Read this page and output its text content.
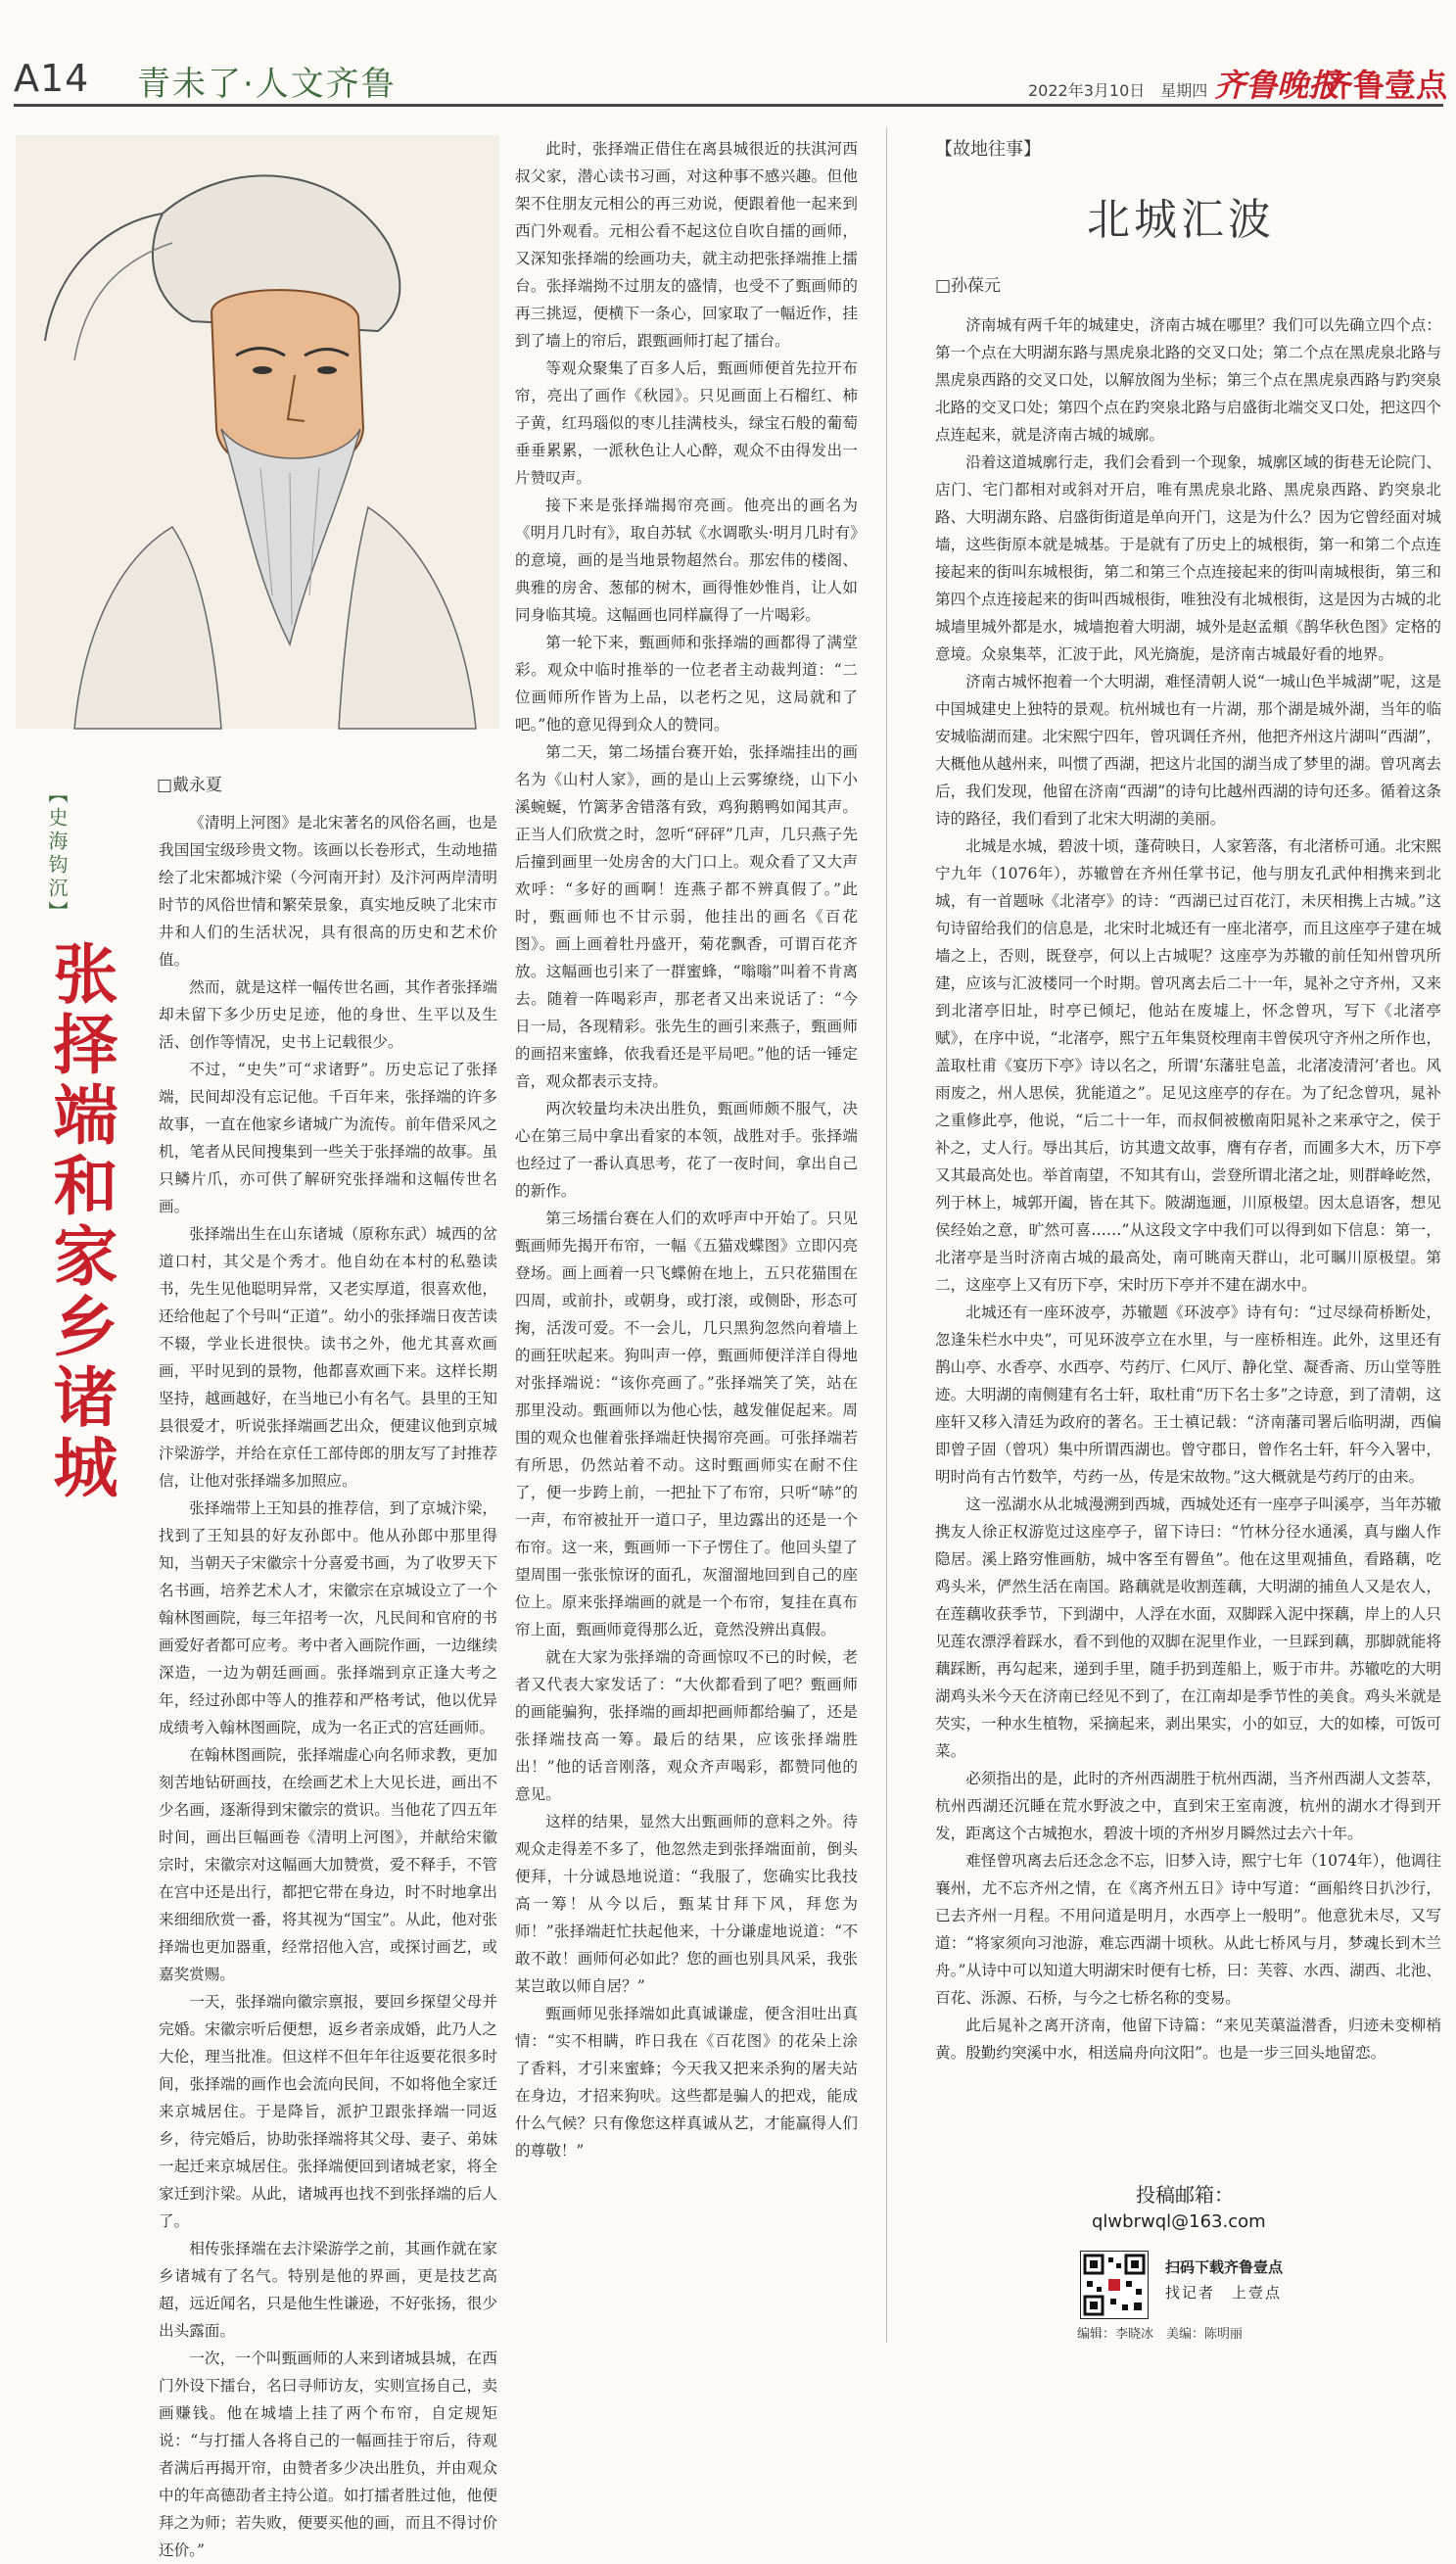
A14 青未了·人文齐鲁	2022年3月10日　星期四 齐鲁晚报
齐鲁壹点
□戴永夏
【史海钩沉】
张择端和家乡诸城

《清明上河图》是北宋著名的风俗名画，也是我国国宝级珍贵文物。该画以长卷形式，生动地描绘了北宋都城汴梁（今河南开封）及汴河两岸清明时节的风俗世情和繁荣景象，真实地反映了北宋市井和人们的生活状况，具有很高的历史和艺术价值。

然而，就是这样一幅传世名画，其作者张择端却未留下多少历史足迹，他的身世、生平以及生活、创作等情况，史书上记载很少。

不过，“史失”可“求诸野”。历史忘记了张择端，民间却没有忘记他。千百年来，张择端的许多故事，一直在他家乡诸城广为流传。前年借采风之机，笔者从民间搜集到一些关于张择端的故事。虽只鳞片爪，亦可供了解研究张择端和这幅传世名画。

张择端出生在山东诸城（原称东武）城西的岔道口村，其父是个秀才。他自幼在本村的私塾读书，先生见他聪明异常，又老实厚道，很喜欢他，还给他起了个号叫“正道”。幼小的张择端日夜苦读不辍，学业长进很快。读书之外，他尤其喜欢画画，平时见到的景物，他都喜欢画下来。这样长期坚持，越画越好，在当地已小有名气。县里的王知县很爱才，听说张择端画艺出众，便建议他到京城汴梁游学，并给在京任工部侍郎的朋友写了封推荐信，让他对张择端多加照应。

张择端带上王知县的推荐信，到了京城汴梁，找到了王知县的好友孙郎中。他从孙郎中那里得知，当朝天子宋徽宗十分喜爱书画，为了收罗天下名书画，培养艺术人才，宋徽宗在京城设立了一个翰林图画院，每三年招考一次，凡民间和官府的书画爱好者都可应考。考中者入画院作画，一边继续深造，一边为朝廷画画。张择端到京正逢大考之年，经过孙郎中等人的推荐和严格考试，他以优异成绩考入翰林图画院，成为一名正式的宫廷画师。

在翰林图画院，张择端虚心向名师求教，更加刻苦地钻研画技，在绘画艺术上大见长进，画出不少名画，逐渐得到宋徽宗的赏识。当他花了四五年时间，画出巨幅画卷《清明上河图》，并献给宋徽宗时，宋徽宗对这幅画大加赞赏，爱不释手，不管在宫中还是出行，都把它带在身边，时不时地拿出来细细欣赏一番，将其视为“国宝”。从此，他对张择端也更加器重，经常招他入宫，或探讨画艺，或嘉奖赏赐。

一天，张择端向徽宗禀报，要回乡探望父母并完婚。宋徽宗听后便想，返乡者亲成婚，此乃人之大伦，理当批准。但这样不但年年往返要花很多时间，张择端的画作也会流向民间，不如将他全家迁来京城居住。于是降旨，派护卫跟张择端一同返乡，待完婚后，协助张择端将其父母、妻子、弟妹一起迁来京城居住。张择端便回到诸城老家，将全家迁到汴梁。从此，诸城再也找不到张择端的后人了。

相传张择端在去汴梁游学之前，其画作就在家乡诸城有了名气。特别是他的界画，更是技艺高超，远近闻名，只是他生性谦逊，不好张扬，很少出头露面。

一次，一个叫甄画师的人来到诸城县城，在西门外设下擂台，名曰寻师访友，实则宣扬自己，卖画赚钱。他在城墙上挂了两个布帘，自定规矩说：“与打擂人各将自己的一幅画挂于帘后，待观者满后再揭开帘，由赞者多少决出胜负，并由观众中的年高德劭者主持公道。如打擂者胜过他，他便拜之为师；若失败，便要买他的画，而且不得讨价还价。”

此时，张择端正借住在离县城很近的扶淇河西叔父家，潜心读书习画，对这种事不感兴趣。但他架不住朋友元相公的再三劝说，便跟着他一起来到西门外观看。元相公看不起这位自吹自擂的画师，又深知张择端的绘画功夫，就主动把张择端推上擂台。张择端拗不过朋友的盛情，也受不了甄画师的再三挑逗，便横下一条心，回家取了一幅近作，挂到了墙上的帘后，跟甄画师打起了擂台。

等观众聚集了百多人后，甄画师便首先拉开布帘，亮出了画作《秋园》。只见画面上石榴红、柿子黄，红玛瑙似的枣儿挂满枝头，绿宝石般的葡萄垂垂累累，一派秋色让人心醉，观众不由得发出一片赞叹声。

接下来是张择端揭帘亮画。他亮出的画名为《明月几时有》，取自苏轼《水调歌头·明月几时有》的意境，画的是当地景物超然台。那宏伟的楼阁、典雅的房舍、葱郁的树木，画得惟妙惟肖，让人如同身临其境。这幅画也同样赢得了一片喝彩。

第一轮下来，甄画师和张择端的画都得了满堂彩。观众中临时推举的一位老者主动裁判道：“二位画师所作皆为上品，以老朽之见，这局就和了吧。”他的意见得到众人的赞同。

第二天，第二场擂台赛开始，张择端挂出的画名为《山村人家》，画的是山上云雾缭绕，山下小溪蜿蜒，竹篱茅舍错落有致，鸡狗鹅鸭如闻其声。正当人们欣赏之时，忽听“砰砰”几声，几只燕子先后撞到画里一处房舍的大门口上。观众看了又大声欢呼：“多好的画啊！连燕子都不辨真假了。”此时，甄画师也不甘示弱，他挂出的画名《百花图》。画上画着牡丹盛开，菊花飘香，可谓百花齐放。这幅画也引来了一群蜜蜂，“嗡嗡”叫着不肯离去。随着一阵喝彩声，那老者又出来说话了：“今日一局，各现精彩。张先生的画引来燕子，甄画师的画招来蜜蜂，依我看还是平局吧。”他的话一锤定音，观众都表示支持。

两次较量均未决出胜负，甄画师颇不服气，决心在第三局中拿出看家的本领，战胜对手。张择端也经过了一番认真思考，花了一夜时间，拿出自己的新作。

第三场擂台赛在人们的欢呼声中开始了。只见甄画师先揭开布帘，一幅《五猫戏蝶图》立即闪亮登场。画上画着一只飞蝶俯在地上，五只花猫围在四周，或前扑，或朝身，或打滚，或侧卧，形态可掬，活泼可爱。不一会儿，几只黑狗忽然向着墙上的画狂吠起来。狗叫声一停，甄画师便洋洋自得地对张择端说：“该你亮画了。”张择端笑了笑，站在那里没动。甄画师以为他心怯，越发催促起来。周围的观众也催着张择端赶快揭帘亮画。可张择端若有所思，仍然站着不动。这时甄画师实在耐不住了，便一步跨上前，一把扯下了布帘，只听“哧”的一声，布帘被扯开一道口子，里边露出的还是一个布帘。这一来，甄画师一下子愣住了。他回头望了望周围一张张惊讶的面孔，灰溜溜地回到自己的座位上。原来张择端画的就是一个布帘，复挂在真布帘上面，甄画师竟得那么近，竟然没辨出真假。

就在大家为张择端的奇画惊叹不已的时候，老者又代表大家发话了：“大伙都看到了吧？甄画师的画能骗狗，张择端的画却把画师都给骗了，还是张择端技高一筹。最后的结果，应该张择端胜出！”他的话音刚落，观众齐声喝彩，都赞同他的意见。

这样的结果，显然大出甄画师的意料之外。待观众走得差不多了，他忽然走到张择端面前，倒头便拜，十分诚恳地说道：“我服了，您确实比我技高一筹！从今以后，甄某甘拜下风，拜您为师！”张择端赶忙扶起他来，十分谦虚地说道：“不敢不敢！画师何必如此？您的画也别具风采，我张某岂敢以师自居？”

甄画师见张择端如此真诚谦虚，便含泪吐出真情：“实不相瞒，昨日我在《百花图》的花朵上涂了香料，才引来蜜蜂；今天我又把来杀狗的屠夫站在身边，才招来狗吠。这些都是骗人的把戏，能成什么气候？只有像您这样真诚从艺，才能赢得人们的尊敬！”

【故地往事】
北城汇波
□孙葆元

济南城有两千年的城建史，济南古城在哪里？我们可以先确立四个点：第一个点在大明湖东路与黑虎泉北路的交叉口处；第二个点在黑虎泉北路与黑虎泉西路的交叉口处，以解放阁为坐标；第三个点在黑虎泉西路与趵突泉北路的交叉口处；第四个点在趵突泉北路与启盛街北端交叉口处，把这四个点连起来，就是济南古城的城廓。

沿着这道城廓行走，我们会看到一个现象，城廓区域的街巷无论院门、店门、宅门都相对或斜对开启，唯有黑虎泉北路、黑虎泉西路、趵突泉北路、大明湖东路、启盛街街道是单向开门，这是为什么？因为它曾经面对城墙，这些街原本就是城基。于是就有了历史上的城根街，第一和第二个点连接起来的街叫东城根街，第二和第三个点连接起来的街叫南城根街，第三和第四个点连接起来的街叫西城根街，唯独没有北城根街，这是因为古城的北城墙里城外都是水，城墙抱着大明湖，城外是赵孟頫《鹊华秋色图》定格的意境。众泉集萃，汇波于此，风光旖旎，是济南古城最好看的地界。

济南古城怀抱着一个大明湖，难怪清朝人说“一城山色半城湖”呢，这是中国城建史上独特的景观。杭州城也有一片湖，那个湖是城外湖，当年的临安城临湖而建。北宋熙宁四年，曾巩调任齐州，他把齐州这片湖叫“西湖”，大概他从越州来，叫惯了西湖，把这片北国的湖当成了梦里的湖。曾巩离去后，我们发现，他留在济南“西湖”的诗句比越州西湖的诗句还多。循着这条诗的路径，我们看到了北宋大明湖的美丽。

北城是水城，碧波十顷，蓬荷映日，人家箬落，有北渚桥可通。北宋熙宁九年（1076年），苏辙曾在齐州任掌书记，他与朋友孔武仲相携来到北城，有一首题咏《北渚亭》的诗：“西湖已过百花汀，未厌相携上古城。”这句诗留给我们的信息是，北宋时北城还有一座北渚亭，而且这座亭子建在城墙之上，否则，既登亭，何以上古城呢？这座亭为苏辙的前任知州曾巩所建，应该与汇波楼同一个时期。曾巩离去后二十一年，晁补之守齐州，又来到北渚亭旧址，时亭已倾圮，他站在废墟上，怀念曾巩，写下《北渚亭赋》，在序中说，“北渚亭，熙宁五年集贤校理南丰曾侯巩守齐州之所作也，盖取杜甫《宴历下亭》诗以名之，所谓‘东藩驻皂盖，北渚凌清河’者也。风雨废之，州人思侯，犹能道之”。足见这座亭的存在。为了纪念曾巩，晁补之重修此亭，他说，“后二十一年，而叔侗被檄南阳晁补之来承守之，侯于补之，丈人行。辱出其后，访其遗文故事，膺有存者，而圃多大木，历下亭又其最高处也。举首南望，不知其有山，尝登所谓北渚之址，则群峰屹然，列于林上，城郭开阖，皆在其下。陂湖迤逦，川原极望。因太息语客，想见侯经始之意，旷然可喜……”从这段文字中我们可以得到如下信息：第一，北渚亭是当时济南古城的最高处，南可眺南天群山，北可瞩川原极望。第二，这座亭上又有历下亭，宋时历下亭并不建在湖水中。

北城还有一座环波亭，苏辙题《环波亭》诗有句：“过尽绿荷桥断处，忽逢朱栏水中央”，可见环波亭立在水里，与一座桥相连。此外，这里还有鹊山亭、水香亭、水西亭、芍药厅、仁风厅、静化堂、凝香斋、历山堂等胜迹。大明湖的南侧建有名士轩，取杜甫“历下名士多”之诗意，到了清朝，这座轩又移入清廷为政府的著名。王士禛记载：“济南藩司署后临明湖，西偏即曾子固（曾巩）集中所谓西湖也。曾守郡日，曾作名士轩，轩今入署中，明时尚有古竹数竿，芍药一丛，传是宋故物。”这大概就是芍药厅的由来。

这一泓湖水从北城漫溯到西城，西城处还有一座亭子叫溪亭，当年苏辙携友人徐正权游览过这座亭子，留下诗曰：“竹林分径水通溪，真与幽人作隐居。溪上路穷惟画舫，城中客至有罾鱼”。他在这里观捕鱼，看路藕，吃鸡头米，俨然生活在南国。路藕就是收割莲藕，大明湖的捕鱼人又是农人，在莲藕收获季节，下到湖中，人浮在水面，双脚踩入泥中探藕，岸上的人只见莲农漂浮着踩水，看不到他的双脚在泥里作业，一旦踩到藕，那脚就能将藕踩断，再勾起来，递到手里，随手扔到莲船上，贩于市井。苏辙吃的大明湖鸡头米今天在济南已经见不到了，在江南却是季节性的美食。鸡头米就是芡实，一种水生植物，采摘起来，剥出果实，小的如豆，大的如榛，可饭可菜。

必须指出的是，此时的齐州西湖胜于杭州西湖，当齐州西湖人文荟萃，杭州西湖还沉睡在荒水野波之中，直到宋王室南渡，杭州的湖水才得到开发，距离这个古城抱水，碧波十顷的齐州岁月瞬然过去六十年。

难怪曾巩离去后还念念不忘，旧梦入诗，熙宁七年（1074年），他调往襄州，尤不忘齐州之情，在《离齐州五日》诗中写道：“画船终日扒沙行，已去齐州一月程。不用问道是明月，水西亭上一般明”。他意犹未尽，又写道：“将家须向习池游，难忘西湖十顷秋。从此七桥风与月，梦魂长到木兰舟。”从诗中可以知道大明湖宋时便有七桥，曰：芙蓉、水西、湖西、北池、百花、泺源、石桥，与今之七桥名称的变易。

此后晁补之离开济南，他留下诗篇：“来见芙蕖溢潜香，归迹未变柳梢黄。殷勤约突溪中水，相送扁舟向汶阳”。也是一步三回头地留恋。

投稿邮箱：
qlwbrwql@163.com
扫码下载齐鲁壹点
找记者　上壹点
编辑：李晓冰　美编：陈明丽
